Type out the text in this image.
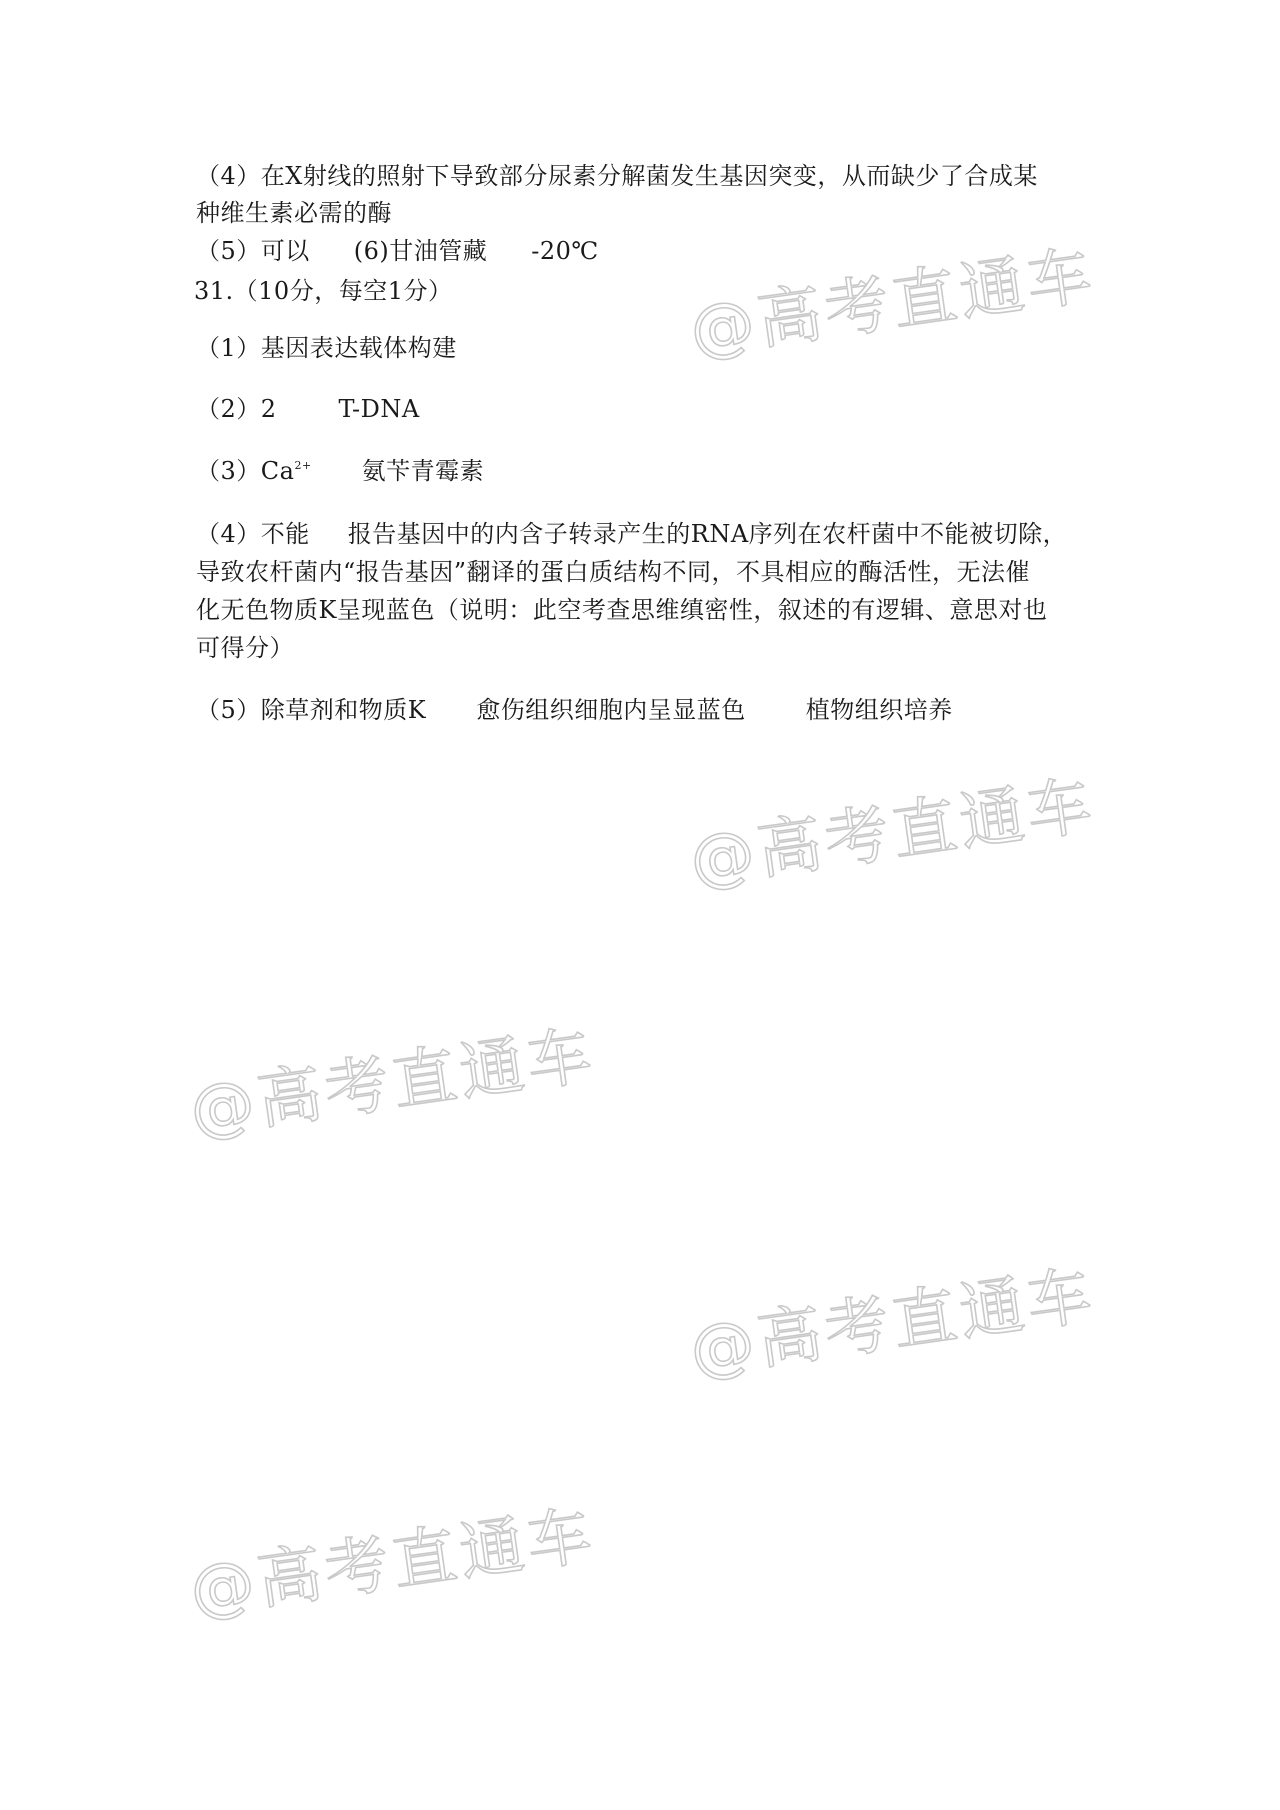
（4）在X射线的照射下导致部分尿素分解菌发生基因突变，从而缺少了合成某
种维生素必需的酶
（5）可以 (6)甘油管藏 -20℃
31.（10分，每空1分）
（1）基因表达载体构建
（2）2	T-DNA
$(3)Ca^{2+}$ 氨苄青霉素
（4）不能 报告基因中的内含子转录产生的RNA序列在农杆菌中不能被切除，
导致农杆菌内“报告基因”翻译的蛋白质结构不同，不具相应的酶活性，无法催
化无色物质K呈现蓝色（说明：此空考查思维缜密性，叙述的有逻辑、意思对也
可得分）
（5）除草剂和物质K 愈伤组织细胞内呈显蓝色	植物组织培养
@高考直通车
@高考直通车
@高考直通车
@高考直通车
@高考直通车
